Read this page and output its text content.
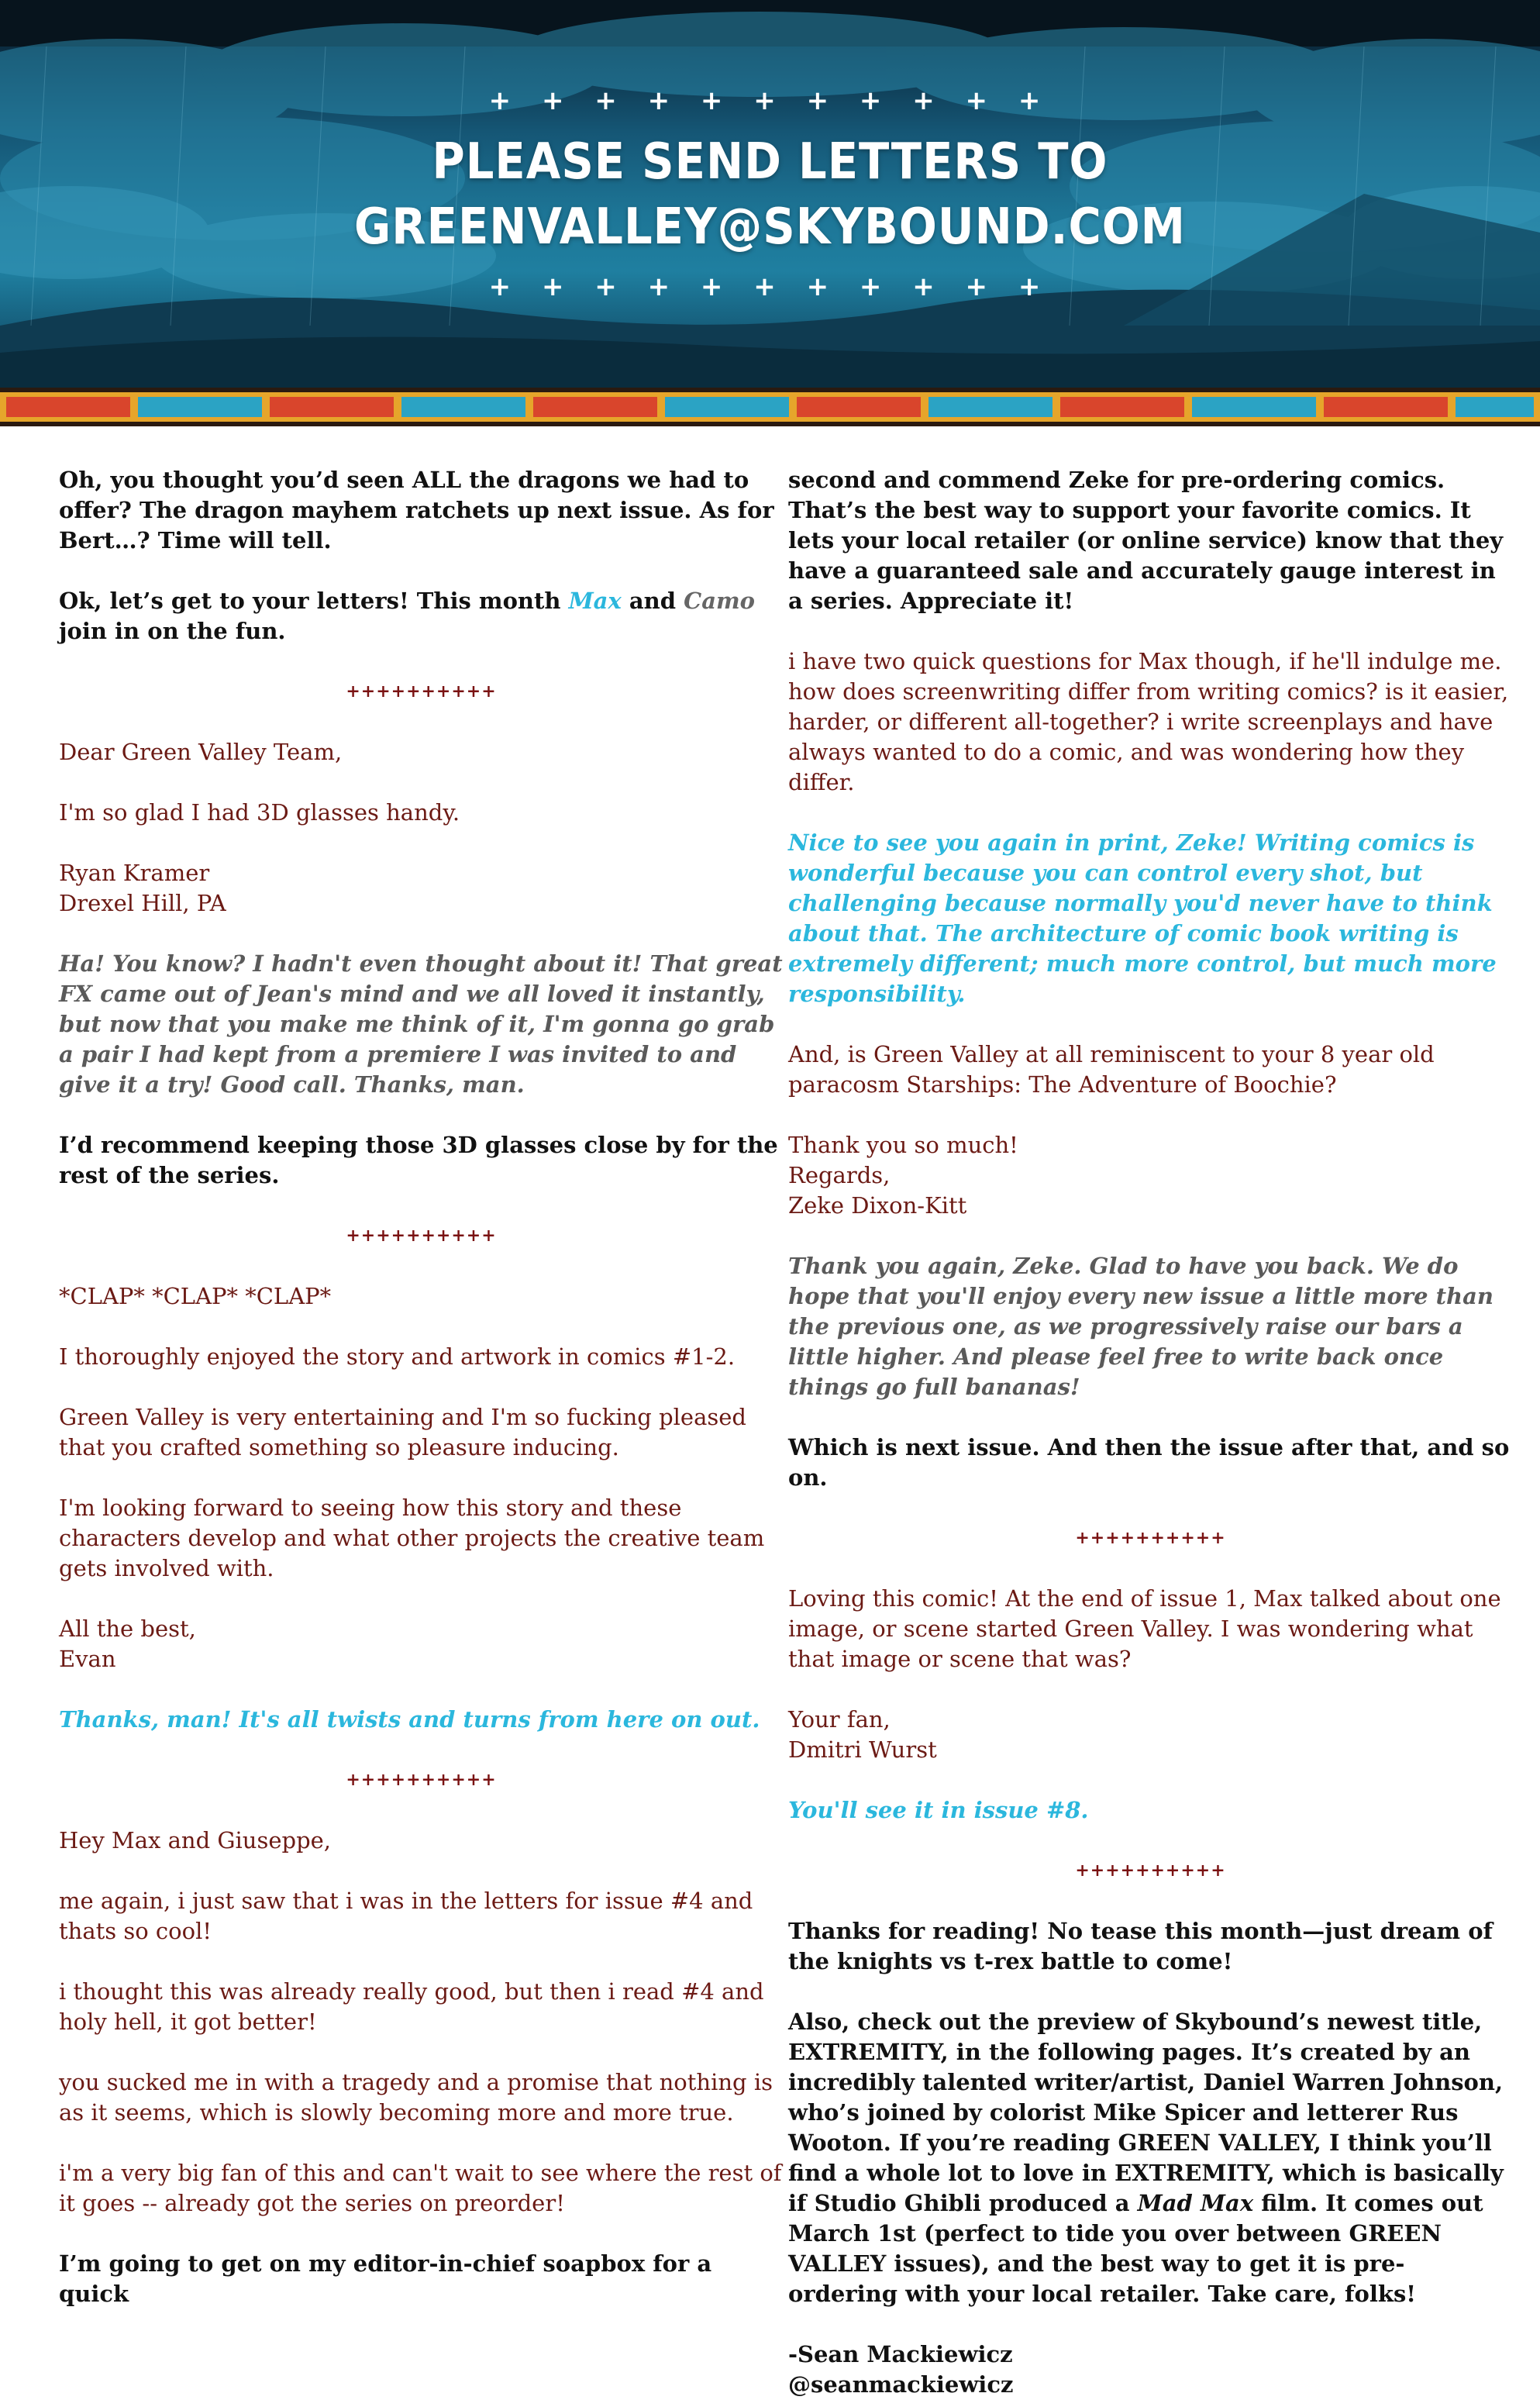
+ + + + + + + + + + +
PLEASE SEND LETTERS TO
GREENVALLEY@SKYBOUND.COM
+ + + + + + + + + + +

Oh, you thought you’d seen ALL the dragons we had to offer? The dragon mayhem ratchets up next issue. As for Bert…? Time will tell.

Ok, let’s get to your letters! This month Max and Camo join in on the fun.

++++++++++

Dear Green Valley Team,

I'm so glad I had 3D glasses handy.

Ryan Kramer

Drexel Hill, PA

Ha! You know? I hadn't even thought about it! That great FX came out of Jean's mind and we all loved it instantly, but now that you make me think of it, I'm gonna go grab a pair I had kept from a premiere I was invited to and give it a try! Good call. Thanks, man.

I’d recommend keeping those 3D glasses close by for the rest of the series.

++++++++++

*CLAP* *CLAP* *CLAP*

I thoroughly enjoyed the story and artwork in comics #1-2.

Green Valley is very entertaining and I'm so fucking pleased that you crafted something so pleasure inducing.

I'm looking forward to seeing how this story and these characters develop and what other projects the creative team gets involved with.

All the best,

Evan

Thanks, man! It's all twists and turns from here on out.

++++++++++

Hey Max and Giuseppe,

me again, i just saw that i was in the letters for issue #4 and thats so cool!

i thought this was already really good, but then i read #4 and holy hell, it got better!

you sucked me in with a tragedy and a promise that nothing is as it seems, which is slowly becoming more and more true.

i'm a very big fan of this and can't wait to see where the rest of it goes -- already got the series on preorder!

I’m going to get on my editor-in-chief soapbox for a quick

second and commend Zeke for pre-ordering comics. That’s the best way to support your favorite comics. It lets your local retailer (or online service) know that they have a guaranteed sale and accurately gauge interest in a series. Appreciate it!

i have two quick questions for Max though, if he'll indulge me. how does screenwriting differ from writing comics? is it easier, harder, or different all-together? i write screenplays and have always wanted to do a comic, and was wondering how they differ.

Nice to see you again in print, Zeke! Writing comics is wonderful because you can control every shot, but challenging because normally you'd never have to think about that. The architecture of comic book writing is extremely different; much more control, but much more responsibility.

And, is Green Valley at all reminiscent to your 8 year old paracosm Starships: The Adventure of Boochie?

Thank you so much!

Regards,

Zeke Dixon-Kitt

Thank you again, Zeke. Glad to have you back. We do hope that you'll enjoy every new issue a little more than the previous one, as we progressively raise our bars a little higher. And please feel free to write back once things go full bananas!

Which is next issue. And then the issue after that, and so on.

++++++++++

Loving this comic! At the end of issue 1, Max talked about one image, or scene started Green Valley. I was wondering what that image or scene that was?

Your fan,

Dmitri Wurst

You'll see it in issue #8.

++++++++++

Thanks for reading! No tease this month—just dream of the knights vs t-rex battle to come!

Also, check out the preview of Skybound’s newest title, EXTREMITY, in the following pages. It’s created by an incredibly talented writer/artist, Daniel Warren Johnson, who’s joined by colorist Mike Spicer and letterer Rus Wooton. If you’re reading GREEN VALLEY, I think you’ll find a whole lot to love in EXTREMITY, which is basically if Studio Ghibli produced a Mad Max film. It comes out March 1st (perfect to tide you over between GREEN VALLEY issues), and the best way to get it is pre-ordering with your local retailer. Take care, folks!

-Sean Mackiewicz

@seanmackiewicz
